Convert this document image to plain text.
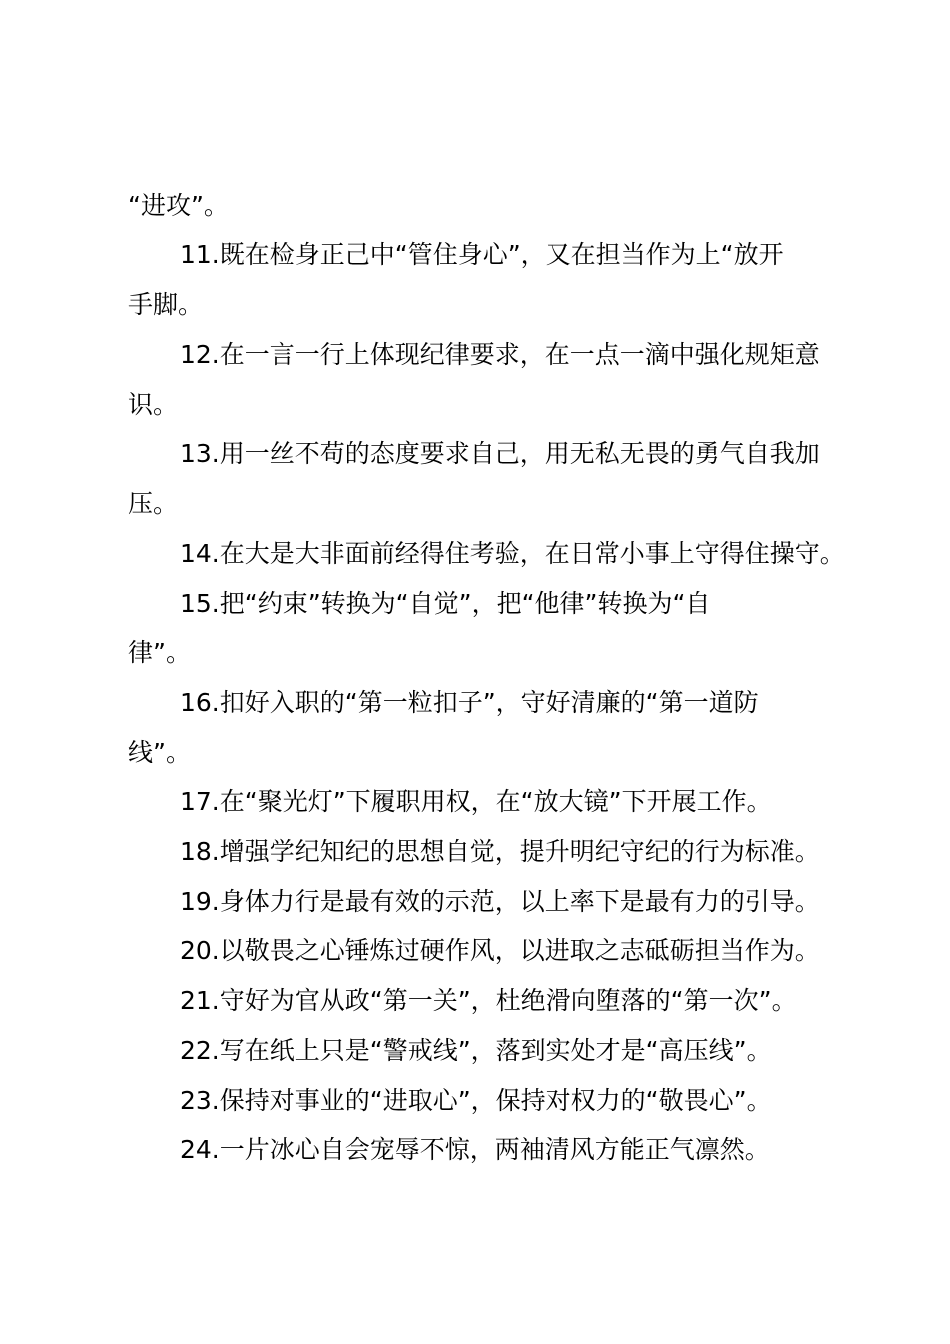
“进攻”。
11.既在检身正己中“管住身心”，又在担当作为上“放开
手脚。
12.在一言一行上体现纪律要求，在一点一滴中强化规矩意
识。
13.用一丝不苟的态度要求自己，用无私无畏的勇气自我加
压。
14.在大是大非面前经得住考验，在日常小事上守得住操守。
15.把“约束”转换为“自觉”，把“他律”转换为“自
律”。
16.扣好入职的“第一粒扣子”，守好清廉的“第一道防
线”。
17.在“聚光灯”下履职用权，在“放大镜”下开展工作。
18.增强学纪知纪的思想自觉，提升明纪守纪的行为标准。
19.身体力行是最有效的示范，以上率下是最有力的引导。
20.以敬畏之心锤炼过硬作风，以进取之志砥砺担当作为。
21.守好为官从政“第一关”，杜绝滑向堕落的“第一次”。
22.写在纸上只是“警戒线”，落到实处才是“高压线”。
23.保持对事业的“进取心”，保持对权力的“敬畏心”。
24.一片冰心自会宠辱不惊，两袖清风方能正气凛然。
